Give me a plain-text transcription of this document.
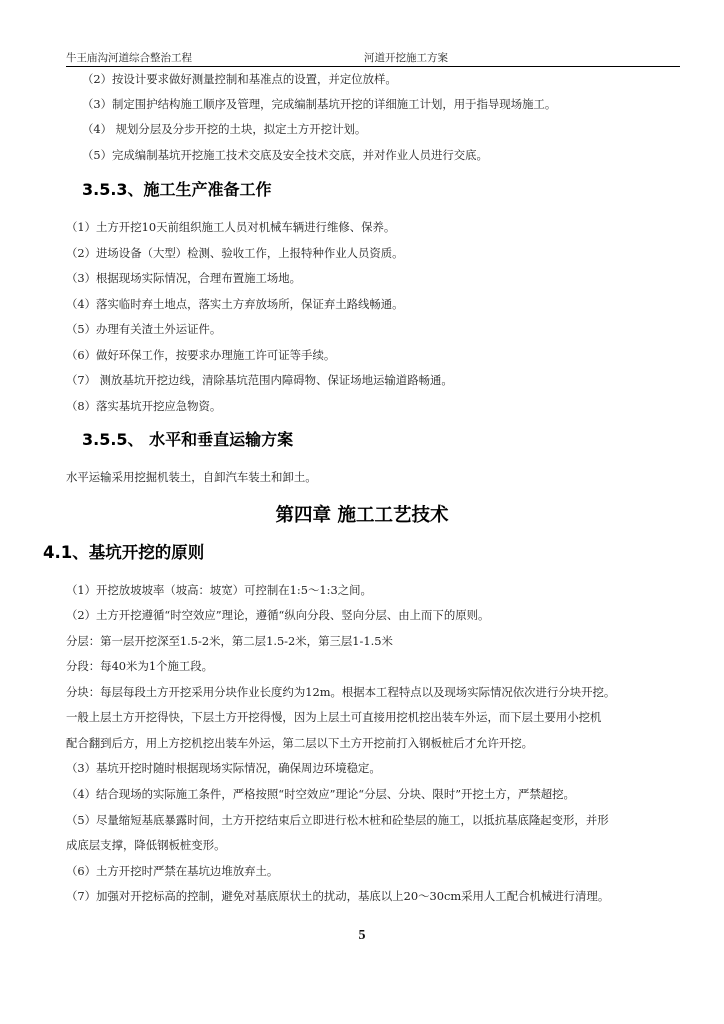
牛王庙沟河道综合整治工程	河道开挖施工方案
（2）按设计要求做好测量控制和基准点的设置，并定位放样。
（3）制定围护结构施工顺序及管理，完成编制基坑开挖的详细施工计划，用于指导现场施工。
（4） 规划分层及分步开挖的土块，拟定土方开挖计划。
（5）完成编制基坑开挖施工技术交底及安全技术交底，并对作业人员进行交底。
3.5.3、施工生产准备工作
（1）土方开挖10天前组织施工人员对机械车辆进行维修、保养。
（2）进场设备（大型）检测、验收工作，上报特种作业人员资质。
（3）根据现场实际情况，合理布置施工场地。
（4）落实临时弃土地点，落实土方弃放场所，保证弃土路线畅通。
（5）办理有关渣土外运证件。
（6）做好环保工作，按要求办理施工许可证等手续。
（7） 测放基坑开挖边线，清除基坑范围内障碍物、保证场地运输道路畅通。
（8）落实基坑开挖应急物资。
3.5.5、 水平和垂直运输方案
水平运输采用挖掘机装土，自卸汽车装土和卸土。
第四章 施工工艺技术
4.1、基坑开挖的原则
（1）开挖放坡坡率（坡高：坡宽）可控制在1:5～1:3之间。
（2）土方开挖遵循“时空效应”理论，遵循“纵向分段、竖向分层、由上而下的原则。
分层：第一层开挖深至1.5-2米，第二层1.5-2米，第三层1-1.5米
分段：每40米为1个施工段。
分块：每层每段土方开挖采用分块作业长度约为12m。根据本工程特点以及现场实际情况依次进行分块开挖。
一般上层土方开挖得快，下层土方开挖得慢，因为上层土可直接用挖机挖出装车外运，而下层土要用小挖机
配合翻到后方，用上方挖机挖出装车外运，第二层以下土方开挖前打入钢板桩后才允许开挖。
（3）基坑开挖时随时根据现场实际情况，确保周边环境稳定。
（4）结合现场的实际施工条件，严格按照“时空效应”理论“分层、分块、限时”开挖土方，严禁超挖。
（5）尽量缩短基底暴露时间，土方开挖结束后立即进行松木桩和砼垫层的施工，以抵抗基底隆起变形，并形
成底层支撑，降低钢板桩变形。
（6）土方开挖时严禁在基坑边堆放弃土。
（7）加强对开挖标高的控制，避免对基底原状土的扰动，基底以上20～30cm采用人工配合机械进行清理。
5
